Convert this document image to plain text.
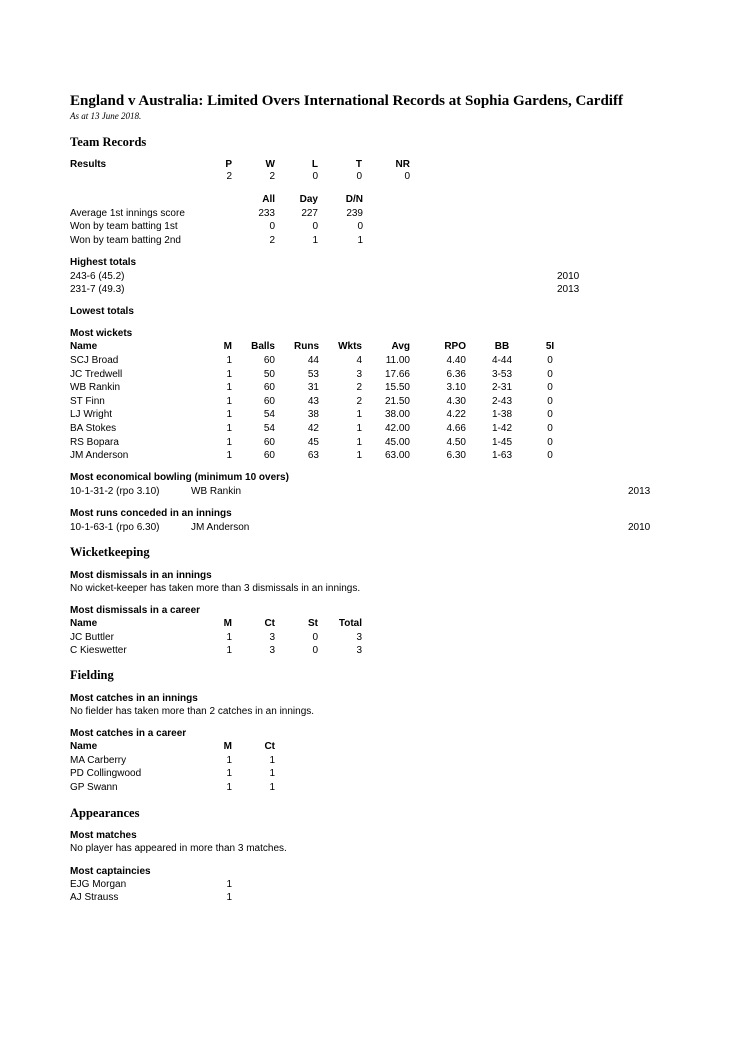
England v Australia: Limited Overs International Records at Sophia Gardens, Cardiff
As at 13 June 2018.
Team Records
Results	P	W	L	T	NR
2	2	0	0	0
All	Day	D/N
Average 1st innings score	233	227	239
Won by team batting 1st	0	0	0
Won by team batting 2nd	2	1	1
Highest totals
243-6 (45.2)	2010
231-7 (49.3)	2013
Lowest totals
Most wickets
Name	M	Balls	Runs	Wkts	Avg	RPO	BB	5I
SCJ Broad	1	60	44	4	11.00	4.40	4-44	0
JC Tredwell	1	50	53	3	17.66	6.36	3-53	0
WB Rankin	1	60	31	2	15.50	3.10	2-31	0
ST Finn	1	60	43	2	21.50	4.30	2-43	0
LJ Wright	1	54	38	1	38.00	4.22	1-38	0
BA Stokes	1	54	42	1	42.00	4.66	1-42	0
RS Bopara	1	60	45	1	45.00	4.50	1-45	0
JM Anderson	1	60	63	1	63.00	6.30	1-63	0
Most economical bowling (minimum 10 overs)
10-1-31-2 (rpo 3.10)	WB Rankin	2013
Most runs conceded in an innings
10-1-63-1 (rpo 6.30)	JM Anderson	2010
Wicketkeeping
Most dismissals in an innings
No wicket-keeper has taken more than 3 dismissals in an innings.
Most dismissals in a career
Name	M	Ct	St	Total
JC Buttler	1	3	0	3
C Kieswetter	1	3	0	3
Fielding
Most catches in an innings
No fielder has taken more than 2 catches in an innings.
Most catches in a career
Name	M	Ct
MA Carberry	1	1
PD Collingwood	1	1
GP Swann	1	1
Appearances
Most matches
No player has appeared in more than 3 matches.
Most captaincies
EJG Morgan	1
AJ Strauss	1
